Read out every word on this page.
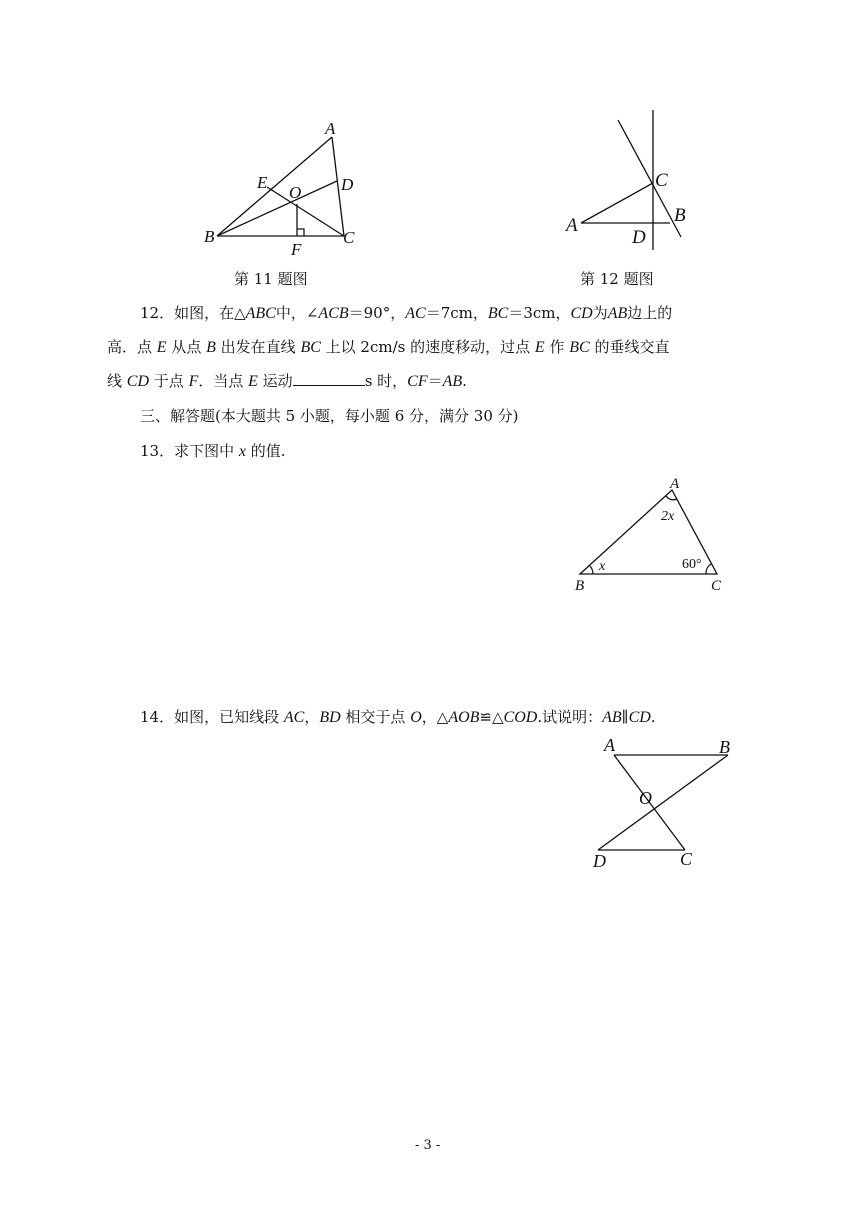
A
E
O D
B
F
C
第 11 题图
C
A	B
D
第 12 题图
12．如图，在△ABC中，∠ACB＝90°，AC＝7cm，BC＝3cm，CD为AB边上的
高．点 E 从点 B 出发在直线 BC 上以 2cm/s 的速度移动，过点 E 作 BC 的垂线交直
线 CD 于点 F．当点 E 运动	s 时，CF＝AB.
三、解答题(本大题共 5 小题，每小题 6 分，满分 30 分)
13．求下图中 x 的值.
A
2x
x	60°
B	C
14．如图，已知线段 AC，BD 相交于点 O，△AOB≌△COD.试说明：AB∥CD.
A	B
O
D	C
- 3 -
